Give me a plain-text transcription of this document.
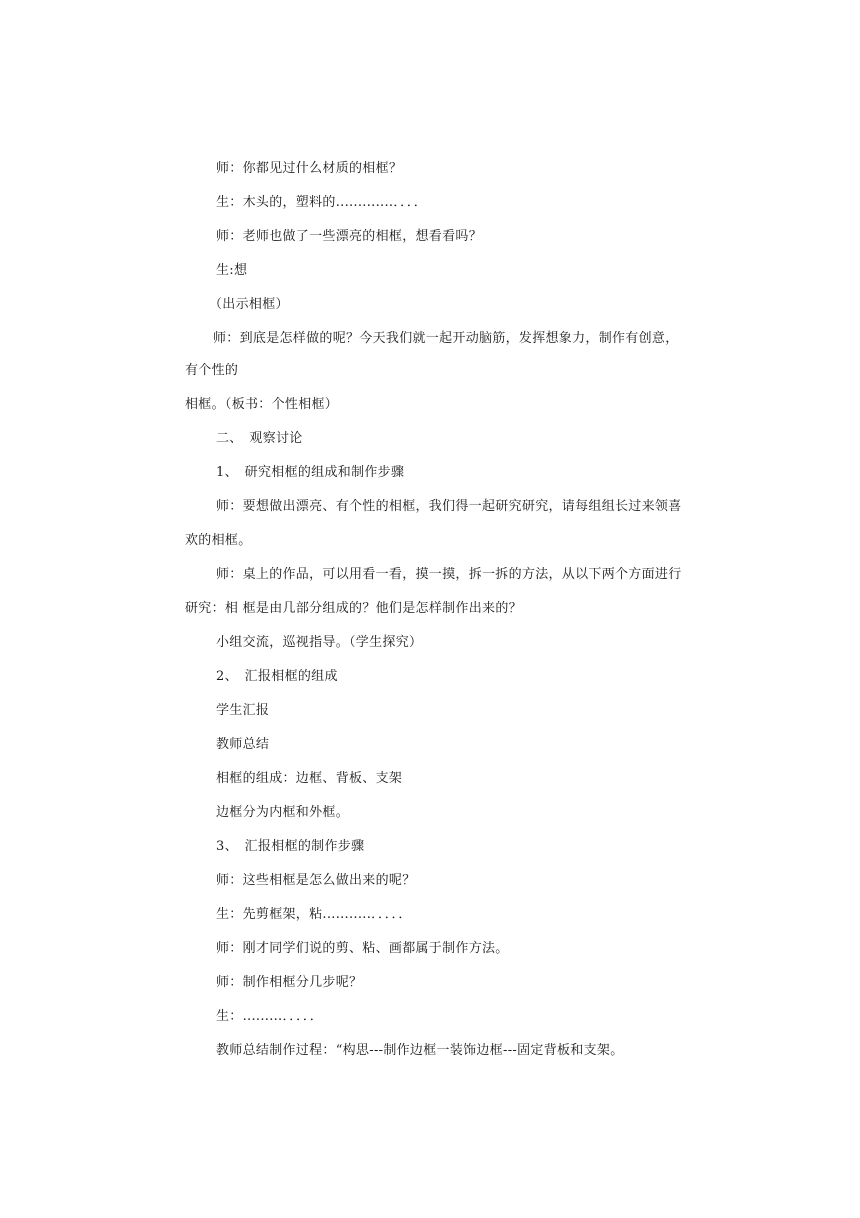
师：你都见过什么材质的相框？
生：木头的，塑料的.............．．．．
师：老师也做了一些漂亮的相框，想看看吗？
生:想
（出示相框）
师：到底是怎样做的呢？今天我们就一起开动脑筋，发挥想象力，制作有创意，
有个性的
相框。（板书：个性相框）
二、　观察讨论
1、　研究相框的组成和制作步骤
师：要想做出漂亮、有个性的相框，我们得一起研究研究，请每组组长过来领喜
欢的相框。
师：桌上的作品，可以用看一看，摸一摸，拆一拆的方法，从以下两个方面进行
研究：相 框是由几部分组成的？他们是怎样制作出来的？
小组交流，巡视指导。（学生探究）
2、　汇报相框的组成
学生汇报
教师总结
相框的组成：边框、背板、支架
边框分为内框和外框。
3、　汇报相框的制作步骤
师：这些相框是怎么做出来的呢？
生：先剪框架，粘...........．．．．．
师：刚才同学们说的剪、粘、画都属于制作方法。
师：制作相框分几步呢？
生：.........．．．．．
教师总结制作过程：“构思---制作边框一装饰边框---固定背板和支架。
